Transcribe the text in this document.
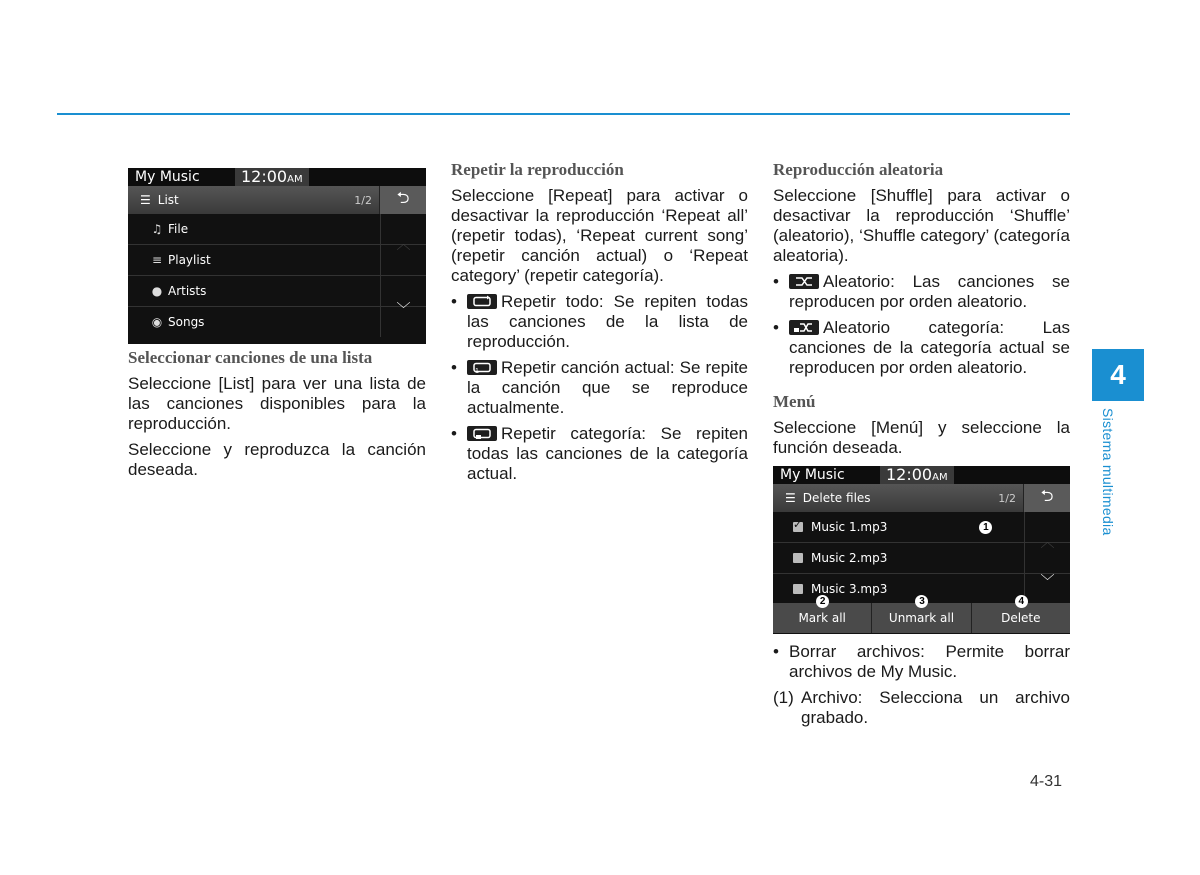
My Music	12:00AM
☰ List	1/2	⮌
♫ File
≡ Playlist
● Artists
◉ Songs
︿
﹀
Seleccionar canciones de una lista

Seleccione [List] para ver una lista de las canciones disponibles para la reproducción.

Seleccione y reproduzca la canción deseada.

Repetir la reproducción

Seleccione [Repeat] para activar o desactivar la reproducción ‘Repeat all’ (repetir todas), ‘Repeat current song’ (repetir canción actual) o ‘Repeat category’ (repetir categoría).

• Repetir todo: Se repiten todas las canciones de la lista de reproducción.
• 1 Repetir canción actual: Se repite la canción que se reproduce actualmente.
• Repetir categoría: Se repiten todas las canciones de la categoría actual.
Reproducción aleatoria

Seleccione [Shuffle] para activar o desactivar la reproducción ‘Shuffle’ (aleatorio), ‘Shuffle category’ (categoría aleatoria).

• Aleatorio: Las canciones se reproducen por orden aleatorio.
• Aleatorio categoría: Las canciones de la categoría actual se reproducen por orden aleatorio.
Menú

Seleccione [Menú] y seleccione la función deseada.

My Music	12:00AM
☰ Delete files	1/2	⮌
✓
Music 1.mp3	1
Music 2.mp3
Music 3.mp3
︿
﹀
2
Mark all
3
Unmark all
4
Delete
• Borrar archivos: Permite borrar archivos de My Music.
(1) Archivo: Selecciona un archivo grabado.
4
Sistema multimedia
4-31
